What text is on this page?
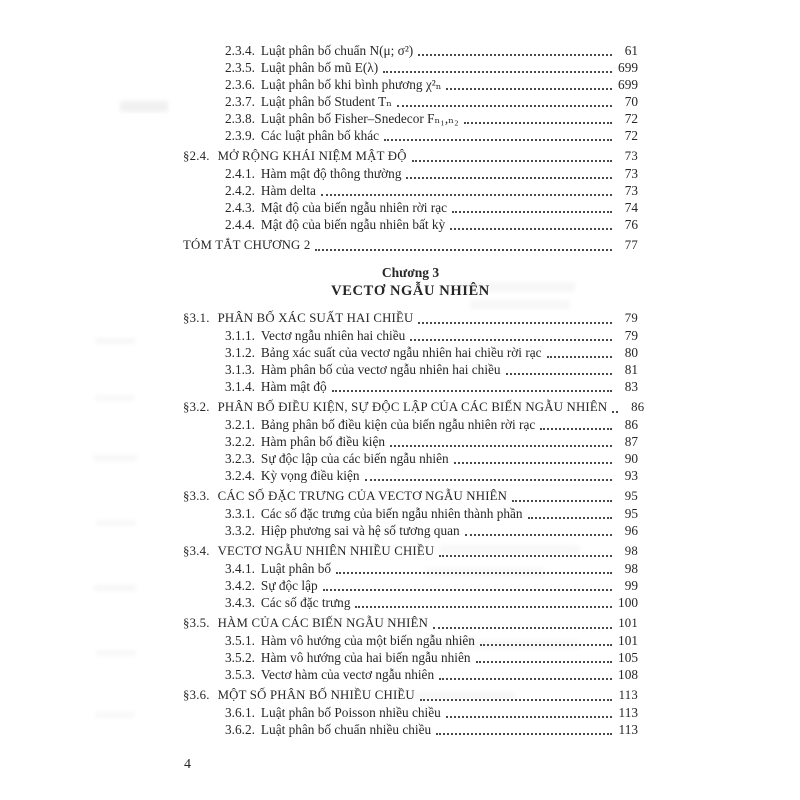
2.3.4. Luật phân bố chuẩn N(μ; σ²)	61
2.3.5. Luật phân bố mũ E(λ)	699
2.3.6. Luật phân bố khi bình phương χ²ₙ	699
2.3.7. Luật phân bố Student Tₙ	70
2.3.8. Luật phân bố Fisher–Snedecor Fₙ₁,ₙ₂	72
2.3.9. Các luật phân bố khác	72
§2.4. MỞ RỘNG KHÁI NIỆM MẬT ĐỘ	73
2.4.1. Hàm mật độ thông thường	73
2.4.2. Hàm delta	73
2.4.3. Mật độ của biến ngẫu nhiên rời rạc	74
2.4.4. Mật độ của biến ngẫu nhiên bất kỳ	76
TÓM TẮT CHƯƠNG 2	77
Chương 3
VECTƠ NGẪU NHIÊN
§3.1. PHÂN BỐ XÁC SUẤT HAI CHIỀU	79
3.1.1. Vectơ ngẫu nhiên hai chiều	79
3.1.2. Bảng xác suất của vectơ ngẫu nhiên hai chiều rời rạc	80
3.1.3. Hàm phân bố của vectơ ngẫu nhiên hai chiều	81
3.1.4. Hàm mật độ	83
§3.2. PHÂN BỐ ĐIỀU KIỆN, SỰ ĐỘC LẬP CỦA CÁC BIẾN NGẪU NHIÊN	86
3.2.1. Bảng phân bố điều kiện của biến ngẫu nhiên rời rạc	86
3.2.2. Hàm phân bố điều kiện	87
3.2.3. Sự độc lập của các biến ngẫu nhiên	90
3.2.4. Kỳ vọng điều kiện	93
§3.3. CÁC SỐ ĐẶC TRƯNG CỦA VECTƠ NGẪU NHIÊN	95
3.3.1. Các số đặc trưng của biến ngẫu nhiên thành phần	95
3.3.2. Hiệp phương sai và hệ số tương quan	96
§3.4. VECTƠ NGẪU NHIÊN NHIỀU CHIỀU	98
3.4.1. Luật phân bố	98
3.4.2. Sự độc lập	99
3.4.3. Các số đặc trưng	100
§3.5. HÀM CỦA CÁC BIẾN NGẪU NHIÊN	101
3.5.1. Hàm vô hướng của một biến ngẫu nhiên	101
3.5.2. Hàm vô hướng của hai biến ngẫu nhiên	105
3.5.3. Vectơ hàm của vectơ ngẫu nhiên	108
§3.6. MỘT SỐ PHÂN BỐ NHIỀU CHIỀU	113
3.6.1. Luật phân bố Poisson nhiều chiều	113
3.6.2. Luật phân bố chuẩn nhiều chiều	113
4
